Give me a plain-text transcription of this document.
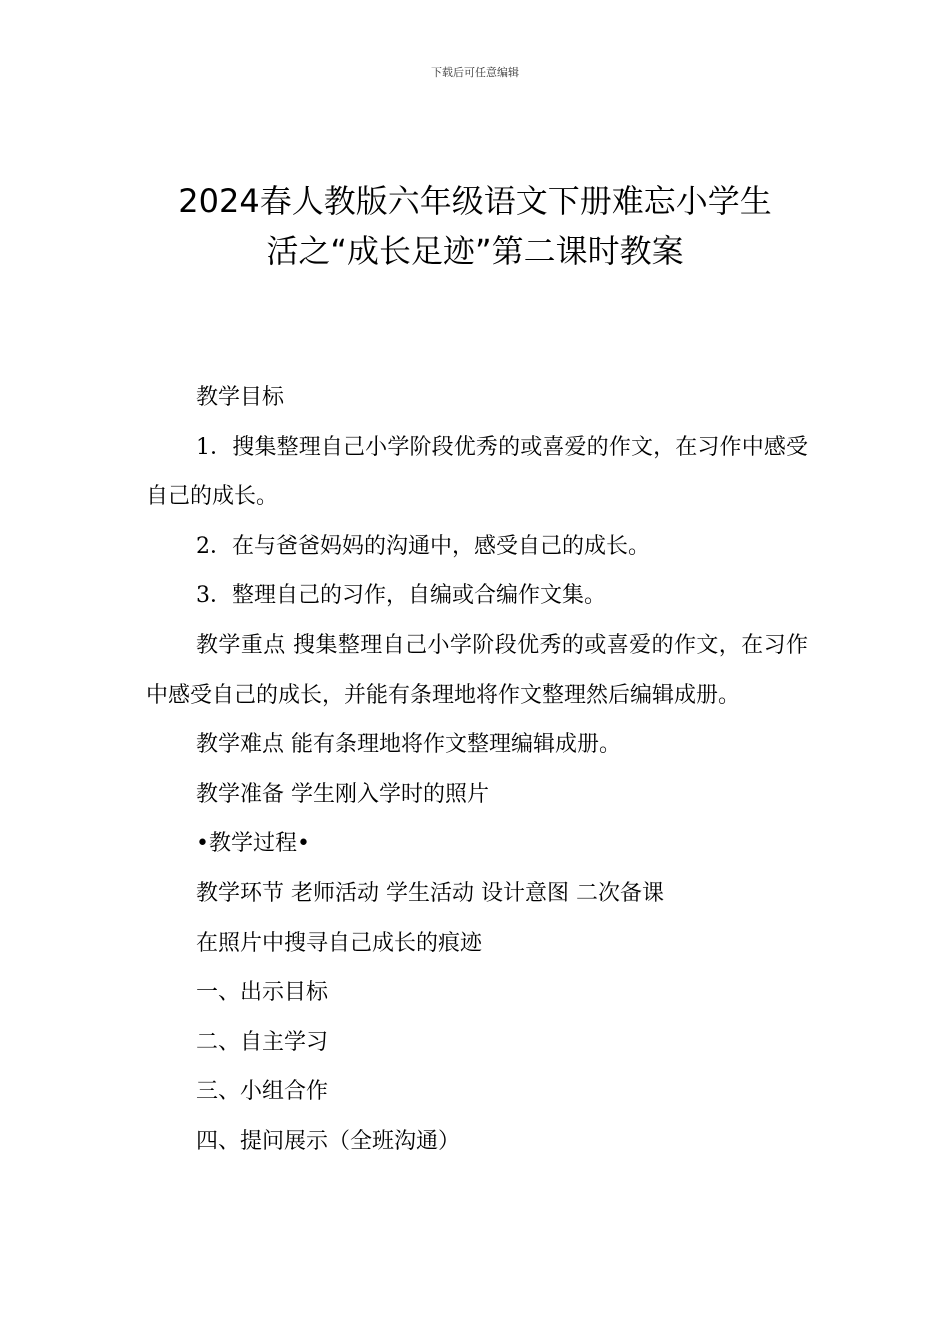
下载后可任意编辑
2024春人教版六年级语文下册难忘小学生
活之“成长足迹”第二课时教案

教学目标

1．搜集整理自己小学阶段优秀的或喜爱的作文，在习作中感受自己的成长。

2．在与爸爸妈妈的沟通中，感受自己的成长。

3．整理自己的习作，自编或合编作文集。

教学重点 搜集整理自己小学阶段优秀的或喜爱的作文，在习作中感受自己的成长，并能有条理地将作文整理然后编辑成册。

教学难点 能有条理地将作文整理编辑成册。

教学准备 学生刚入学时的照片

•教学过程•

教学环节 老师活动 学生活动 设计意图 二次备课

在照片中搜寻自己成长的痕迹

一、出示目标

二、自主学习

三、小组合作

四、提问展示（全班沟通）
